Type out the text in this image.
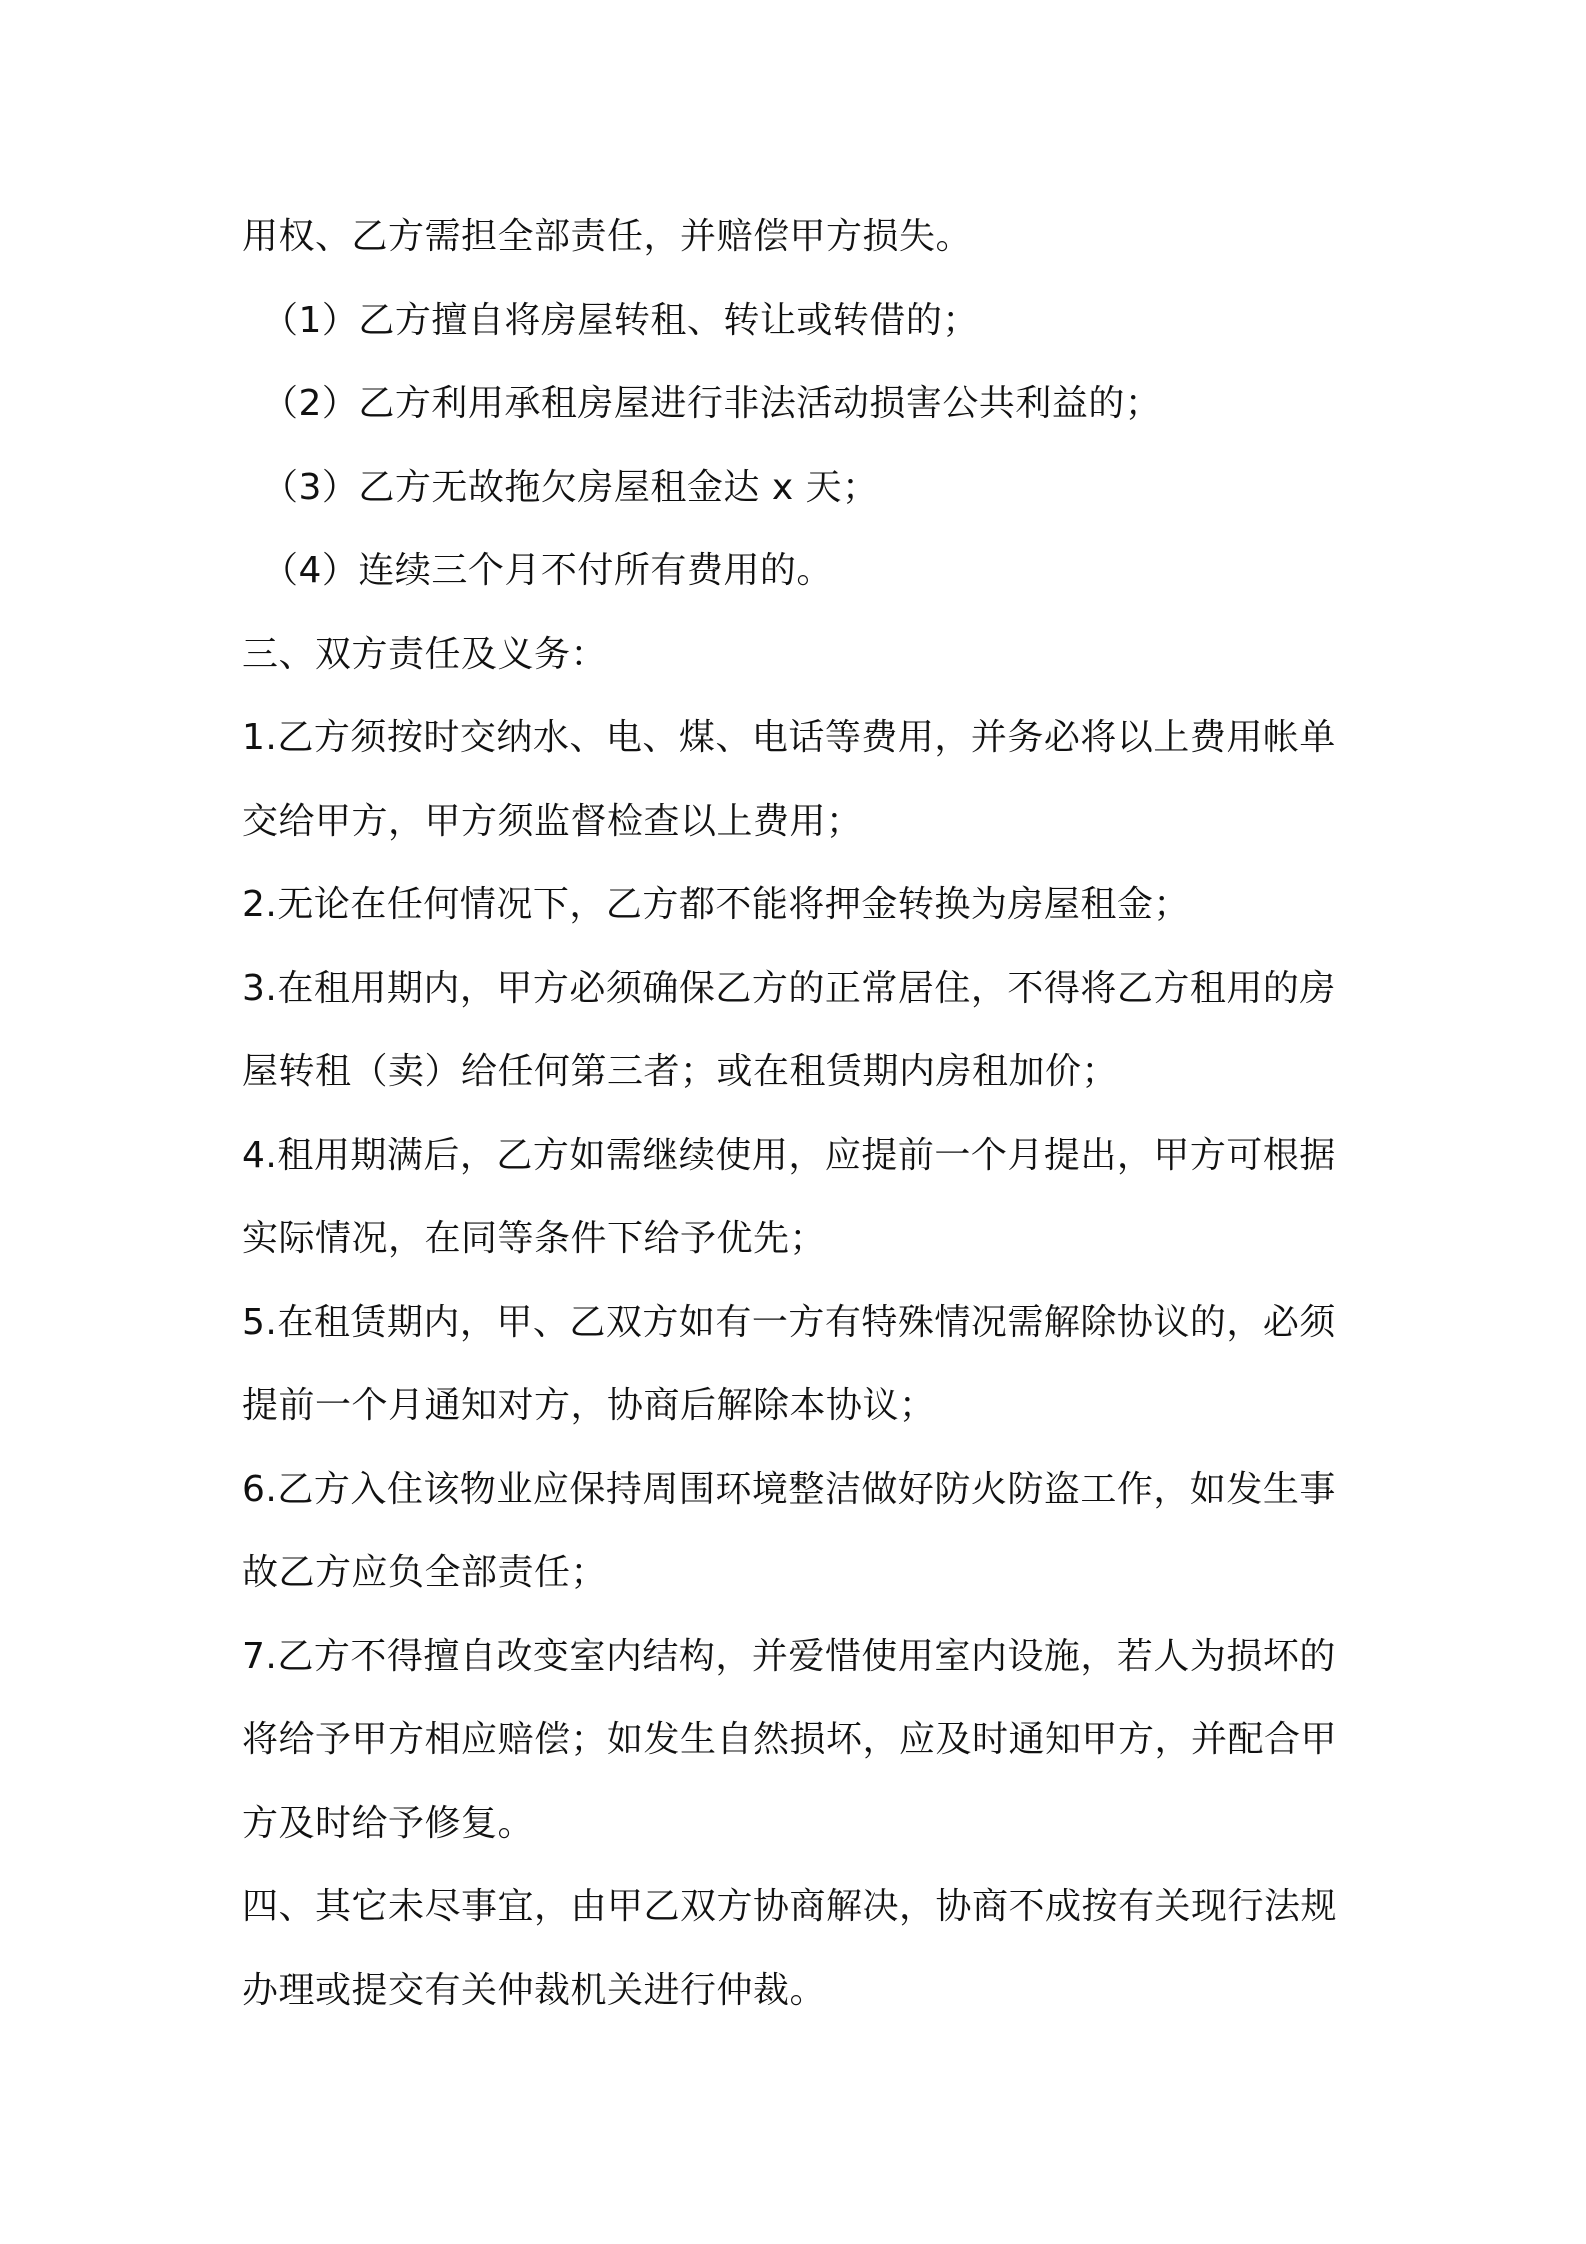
用权、乙方需担全部责任，并赔偿甲方损失。
（1）乙方擅自将房屋转租、转让或转借的；
（2）乙方利用承租房屋进行非法活动损害公共利益的；
（3）乙方无故拖欠房屋租金达 x 天；
（4）连续三个月不付所有费用的。
三、双方责任及义务：
1.乙方须按时交纳水、电、煤、电话等费用，并务必将以上费用帐单
交给甲方，甲方须监督检查以上费用；
2.无论在任何情况下，乙方都不能将押金转换为房屋租金；
3.在租用期内，甲方必须确保乙方的正常居住，不得将乙方租用的房
屋转租（卖）给任何第三者；或在租赁期内房租加价；
4.租用期满后，乙方如需继续使用，应提前一个月提出，甲方可根据
实际情况，在同等条件下给予优先；
5.在租赁期内，甲、乙双方如有一方有特殊情况需解除协议的，必须
提前一个月通知对方，协商后解除本协议；
6.乙方入住该物业应保持周围环境整洁做好防火防盗工作，如发生事
故乙方应负全部责任；
7.乙方不得擅自改变室内结构，并爱惜使用室内设施，若人为损坏的
将给予甲方相应赔偿；如发生自然损坏，应及时通知甲方，并配合甲
方及时给予修复。
四、其它未尽事宜，由甲乙双方协商解决，协商不成按有关现行法规
办理或提交有关仲裁机关进行仲裁。
